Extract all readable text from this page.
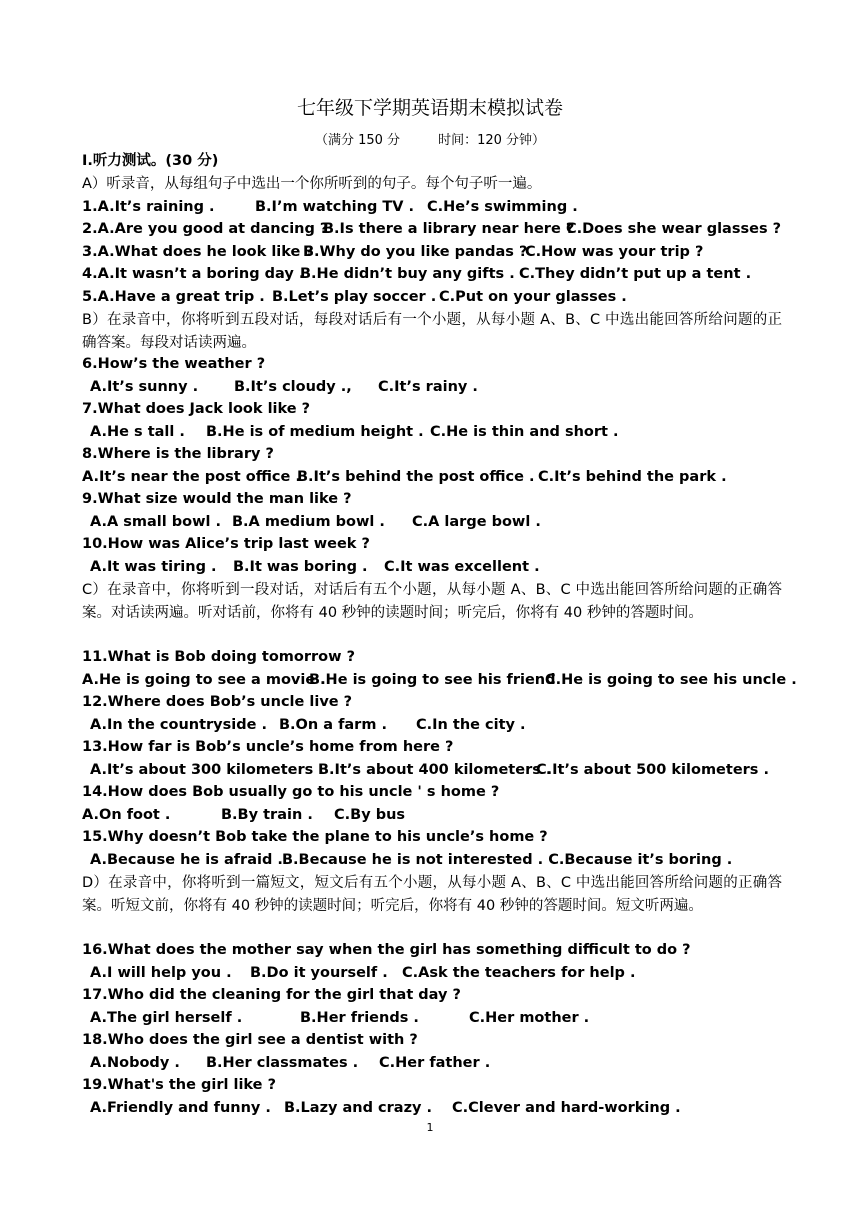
七年级下学期英语期末模拟试卷
（满分 150 分	时间：120 分钟）
I.听力测试。(30 分)
A）听录音，从每组句子中选出一个你所听到的句子。每个句子听一遍。
1.A.It’s raining .	B.I’m watching TV . C.He’s swimming .
2.A.Are you good at dancing ?
B.Is there a library near here ?
C.Does she wear glasses ?
3.A.What does he look like ?
B.Why do you like pandas ?
C.How was your trip ?
4.A.It wasn’t a boring day .
B.He didn’t buy any gifts . C.They didn’t put up a tent .
5.A.Have a great trip . B.Let’s play soccer . C.Put on your glasses .
B）在录音中，你将听到五段对话，每段对话后有一个小题，从每小题 A、B、C 中选出能回答所给问题的正确答案。每段对话读两遍。
6.How’s the weather ?
A.It’s sunny . B.It’s cloudy ., C.It’s rainy .
7.What does Jack look like ?
A.He s tall . B.He is of medium height . C.He is thin and short .
8.Where is the library ?
A.It’s near the post office .
B.It’s behind the post office . C.It’s behind the park .
9.What size would the man like ?
A.A small bowl . B.A medium bowl . C.A large bowl .
10.How was Alice’s trip last week ?
A.It was tiring . B.It was boring . C.It was excellent .
C）在录音中，你将听到一段对话，对话后有五个小题，从每小题 A、B、C 中选出能回答所给问题的正确答案。对话读两遍。听对话前，你将有 40 秒钟的读题时间；听完后，你将有 40 秒钟的答题时间。
11.What is Bob doing tomorrow ?
A.He is going to see a movie .
B.He is going to see his friend
C.He is going to see his uncle .
12.Where does Bob’s uncle live ?
A.In the countryside . B.On a farm . C.In the city .
13.How far is Bob’s uncle’s home from here ?
A.It’s about 300 kilometers .
B.It’s about 400 kilometers .
C.It’s about 500 kilometers .
14.How does Bob usually go to his uncle ' s home ?
A.On foot .	B.By train . C.By bus
15.Why doesn’t Bob take the plane to his uncle’s home ?
A.Because he is afraid . B.Because he is not interested . C.Because it’s boring .
D）在录音中，你将听到一篇短文，短文后有五个小题，从每小题 A、B、C 中选出能回答所给问题的正确答案。听短文前，你将有 40 秒钟的读题时间；听完后，你将有 40 秒钟的答题时间。短文听两遍。
16.What does the mother say when the girl has something difficult to do ?
A.I will help you . B.Do it yourself . C.Ask the teachers for help .
17.Who did the cleaning for the girl that day ?
A.The girl herself .	B.Her friends .	C.Her mother .
18.Who does the girl see a dentist with ?
A.Nobody . B.Her classmates . C.Her father .
19.What's the girl like ?
A.Friendly and funny . B.Lazy and crazy . C.Clever and hard-working .
1
